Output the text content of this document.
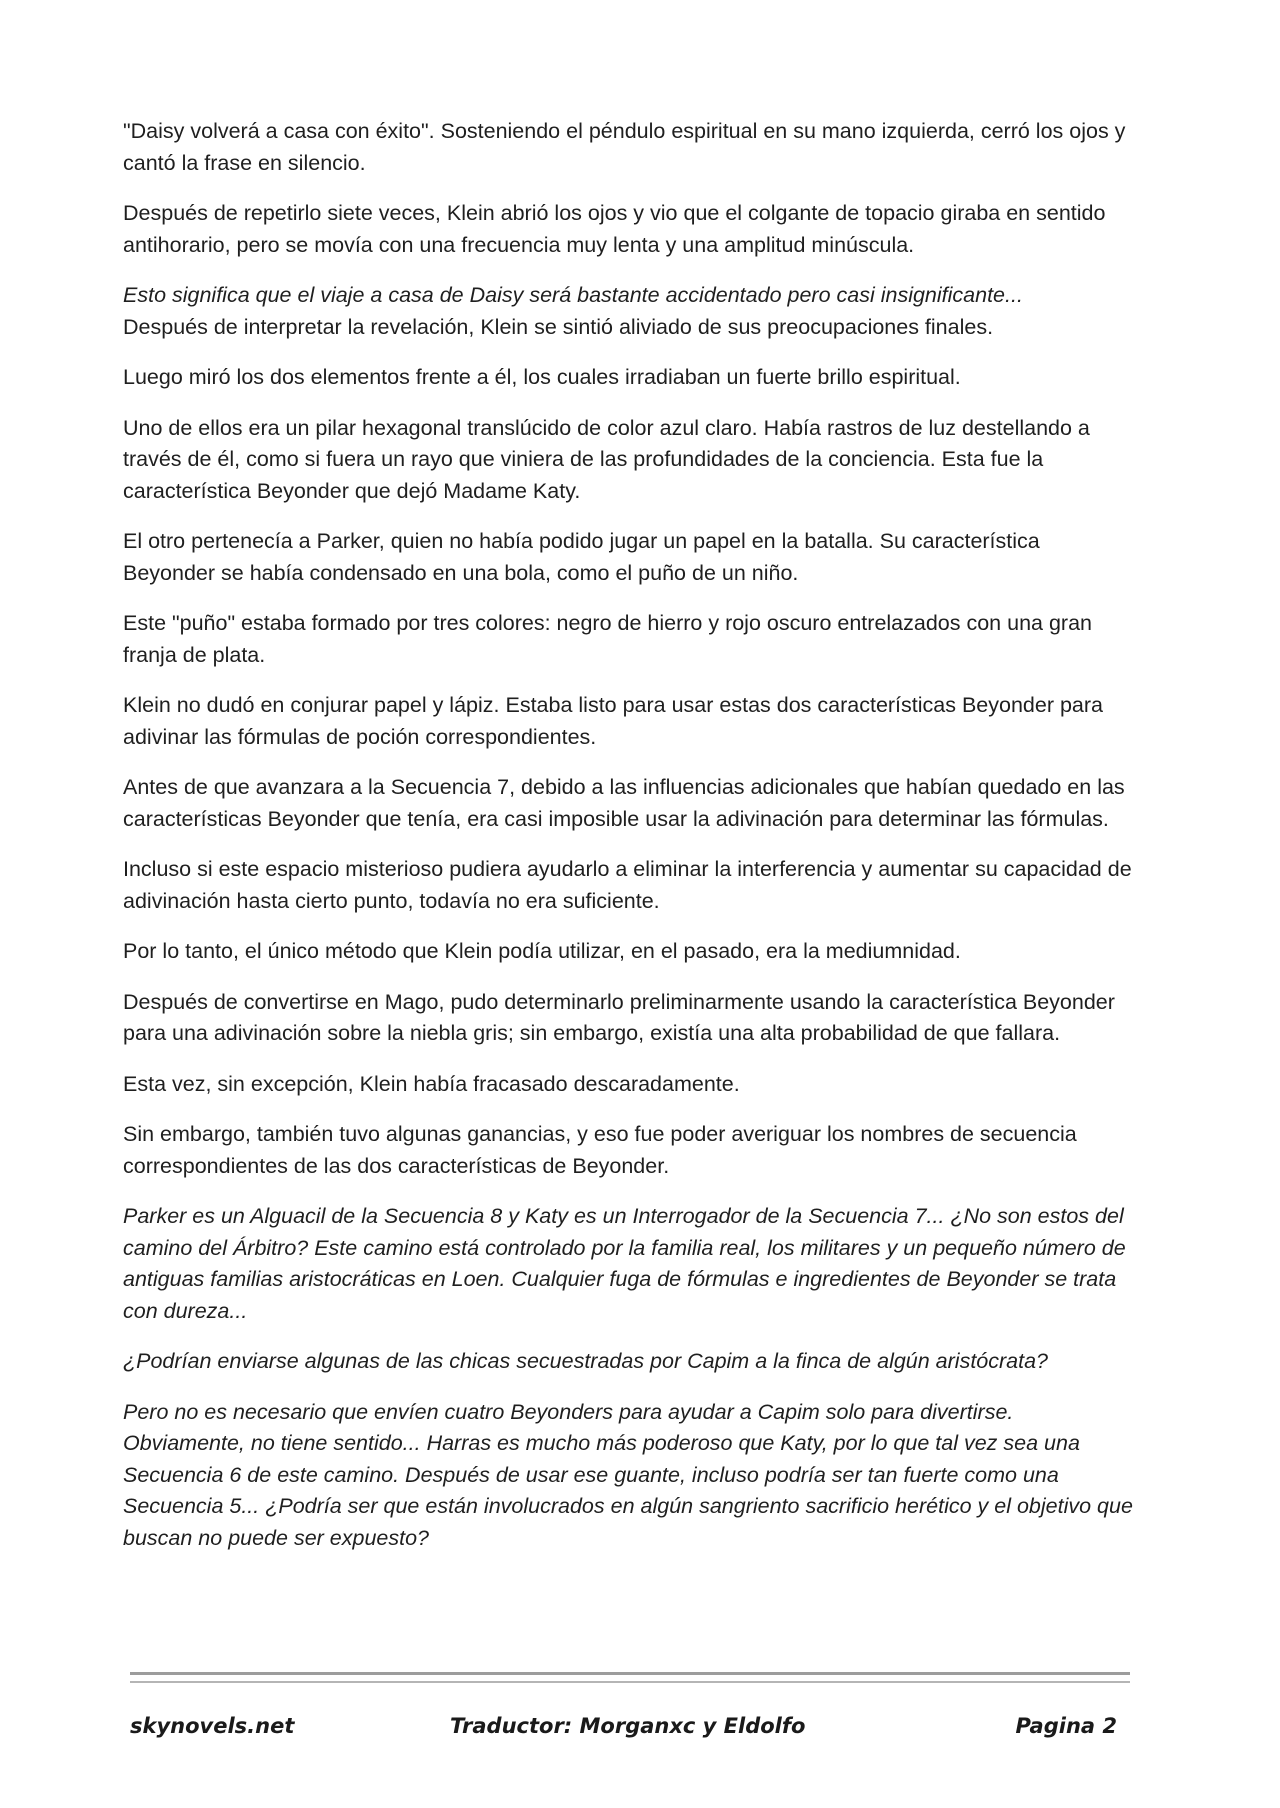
"Daisy volverá a casa con éxito". Sosteniendo el péndulo espiritual en su mano izquierda, cerró los ojos y cantó la frase en silencio.

Después de repetirlo siete veces, Klein abrió los ojos y vio que el colgante de topacio giraba en sentido antihorario, pero se movía con una frecuencia muy lenta y una amplitud minúscula.

Esto significa que el viaje a casa de Daisy será bastante accidentado pero casi insignificante...
Después de interpretar la revelación, Klein se sintió aliviado de sus preocupaciones finales.

Luego miró los dos elementos frente a él, los cuales irradiaban un fuerte brillo espiritual.

Uno de ellos era un pilar hexagonal translúcido de color azul claro. Había rastros de luz destellando a través de él, como si fuera un rayo que viniera de las profundidades de la conciencia. Esta fue la característica Beyonder que dejó Madame Katy.

El otro pertenecía a Parker, quien no había podido jugar un papel en la batalla. Su característica Beyonder se había condensado en una bola, como el puño de un niño.

Este "puño" estaba formado por tres colores: negro de hierro y rojo oscuro entrelazados con una gran franja de plata.

Klein no dudó en conjurar papel y lápiz. Estaba listo para usar estas dos características Beyonder para adivinar las fórmulas de poción correspondientes.

Antes de que avanzara a la Secuencia 7, debido a las influencias adicionales que habían quedado en las características Beyonder que tenía, era casi imposible usar la adivinación para determinar las fórmulas.

Incluso si este espacio misterioso pudiera ayudarlo a eliminar la interferencia y aumentar su capacidad de adivinación hasta cierto punto, todavía no era suficiente.

Por lo tanto, el único método que Klein podía utilizar, en el pasado, era la mediumnidad.

Después de convertirse en Mago, pudo determinarlo preliminarmente usando la característica Beyonder para una adivinación sobre la niebla gris; sin embargo, existía una alta probabilidad de que fallara.

Esta vez, sin excepción, Klein había fracasado descaradamente.

Sin embargo, también tuvo algunas ganancias, y eso fue poder averiguar los nombres de secuencia correspondientes de las dos características de Beyonder.

Parker es un Alguacil de la Secuencia 8 y Katy es un Interrogador de la Secuencia 7... ¿No son estos del camino del Árbitro? Este camino está controlado por la familia real, los militares y un pequeño número de antiguas familias aristocráticas en Loen. Cualquier fuga de fórmulas e ingredientes de Beyonder se trata con dureza...

¿Podrían enviarse algunas de las chicas secuestradas por Capim a la finca de algún aristócrata?

Pero no es necesario que envíen cuatro Beyonders para ayudar a Capim solo para divertirse. Obviamente, no tiene sentido... Harras es mucho más poderoso que Katy, por lo que tal vez sea una Secuencia 6 de este camino. Después de usar ese guante, incluso podría ser tan fuerte como una Secuencia 5... ¿Podría ser que están involucrados en algún sangriento sacrificio herético y el objetivo que buscan no puede ser expuesto?

skynovels.net	Traductor: Morganxc y Eldolfo	Pagina 2
